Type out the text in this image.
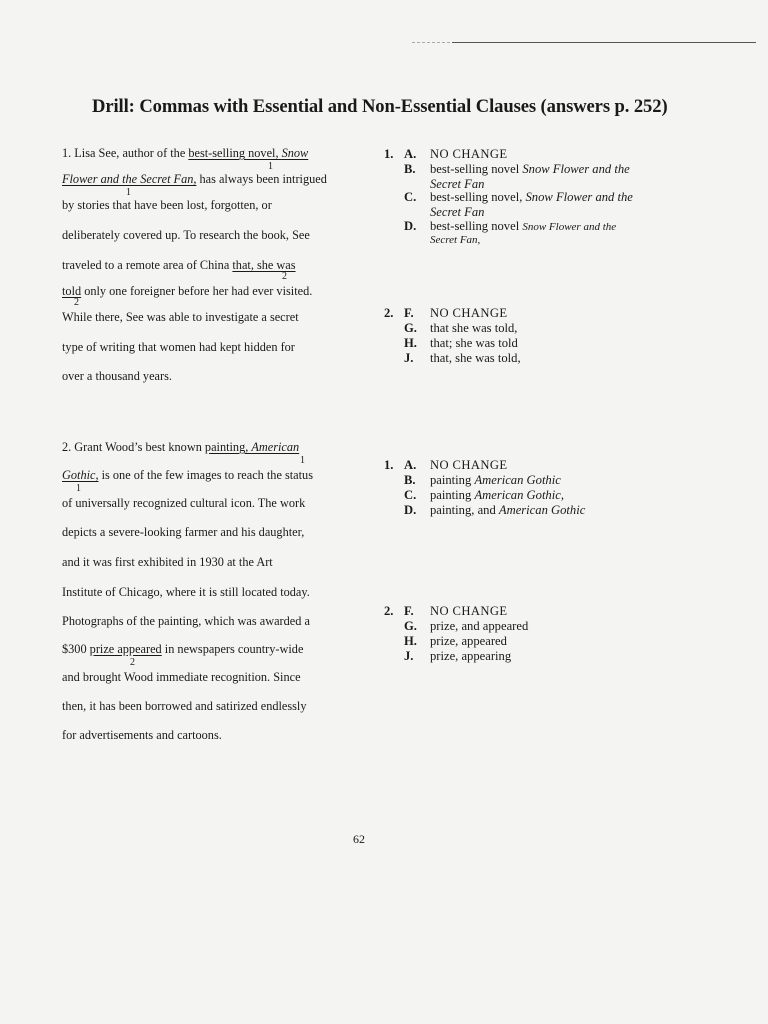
Drill: Commas with Essential and Non-Essential Clauses (answers p. 252)
1. Lisa See, author of the best-selling novel, Snow
1
Flower and the Secret Fan, has always been intrigued
1
by stories that have been lost, forgotten, or
deliberately covered up. To research the book, See
traveled to a remote area of China that, she was
2
told only one foreigner before her had ever visited.
2
While there, See was able to investigate a secret
type of writing that women had kept hidden for
over a thousand years.
2. Grant Wood’s best known painting, American
1
Gothic, is one of the few images to reach the status
1
of universally recognized cultural icon. The work
depicts a severe-looking farmer and his daughter,
and it was first exhibited in 1930 at the Art
Institute of Chicago, where it is still located today.
Photographs of the painting, which was awarded a
$300 prize appeared in newspapers country-wide
2
and brought Wood immediate recognition. Since
then, it has been borrowed and satirized endlessly
for advertisements and cartoons.
1. A. NO CHANGE
B. best-selling novel Snow Flower and the
Secret Fan
C. best-selling novel, Snow Flower and the
Secret Fan
D. best-selling novel Snow Flower and the
Secret Fan,
2. F. NO CHANGE
G. that she was told,
H. that; she was told
J. that, she was told,
1. A. NO CHANGE
B. painting American Gothic
C. painting American Gothic,
D. painting, and American Gothic
2. F. NO CHANGE
G. prize, and appeared
H. prize, appeared
J. prize, appearing
62
